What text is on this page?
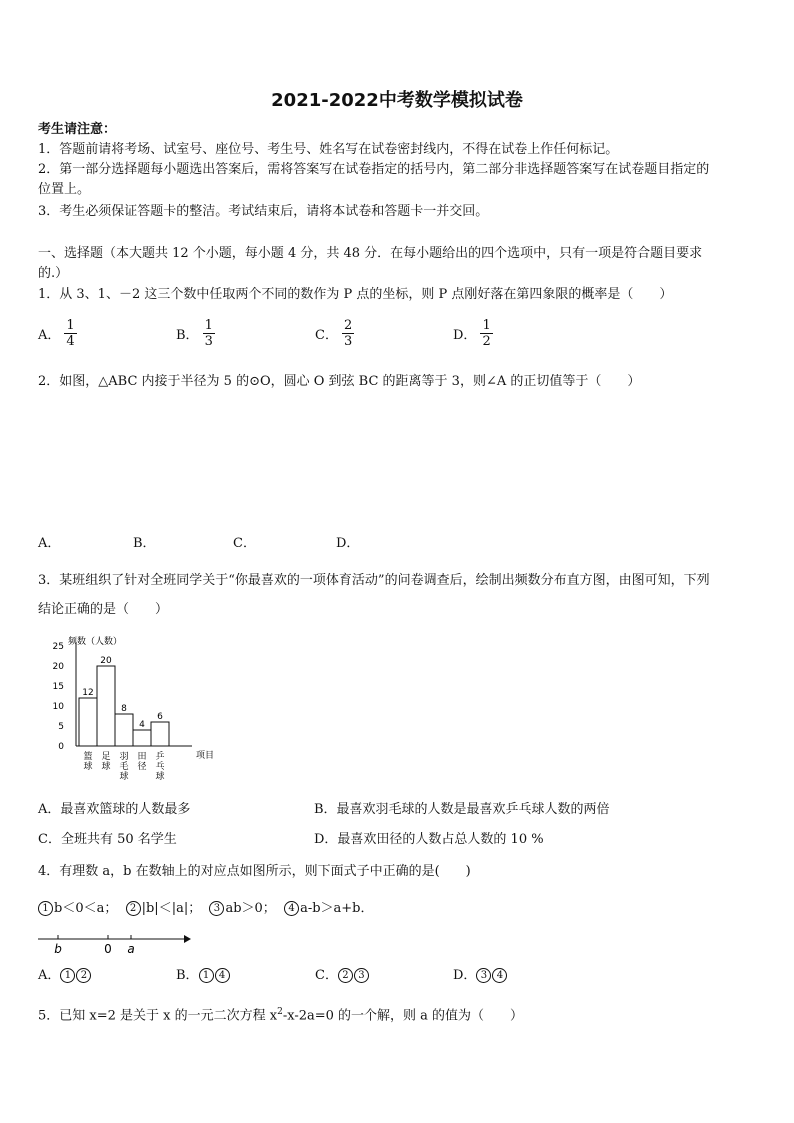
2021-2022中考数学模拟试卷
考生请注意：
1．答题前请将考场、试室号、座位号、考生号、姓名写在试卷密封线内，不得在试卷上作任何标记。
2．第一部分选择题每小题选出答案后，需将答案写在试卷指定的括号内，第二部分非选择题答案写在试卷题目指定的
位置上。
3．考生必须保证答题卡的整洁。考试结束后，请将本试卷和答题卡一并交回。
一、选择题（本大题共 12 个小题，每小题 4 分，共 48 分．在每小题给出的四个选项中，只有一项是符合题目要求
的.）
1．从 3、1、－2 这三个数中任取两个不同的数作为 P 点的坐标，则 P 点刚好落在第四象限的概率是（　　）
A． $\frac{1}{4}$	B． $\frac{1}{3}$	C． $\frac{2}{3}$	D． $\frac{1}{2}$
2．如图，△ABC 内接于半径为 5 的⊙O，圆心 O 到弦 BC 的距离等于 3，则∠A 的正切值等于（　　）
A．	B．	C．	D．
3．某班组织了针对全班同学关于“你最喜欢的一项体育活动”的问卷调查后，绘制出频数分布直方图，由图可知，下列
结论正确的是（　　）
频数（人数）
0
5
10
15
20
25
12
篮
球
20
足
球
8
羽
毛
球
4
田
径
6
乒
乓
球
项目
A．最喜欢篮球的人数最多	B．最喜欢羽毛球的人数是最喜欢乒乓球人数的两倍
C．全班共有 50 名学生	D．最喜欢田径的人数占总人数的 10 %
4．有理数 a，b 在数轴上的对应点如图所示，则下面式子中正确的是(　　)
1 b＜0＜a； 2 |b|＜|a|； 3 ab＞0； 4 a-b＞a+b．
b	0 a
A． 1 2	B． 1 4	C． 2 3	D． 3 4
5．已知 x=2 是关于 x 的一元二次方程 $x^2-x-2a=0$ 的一个解，则 a 的值为（　　）
